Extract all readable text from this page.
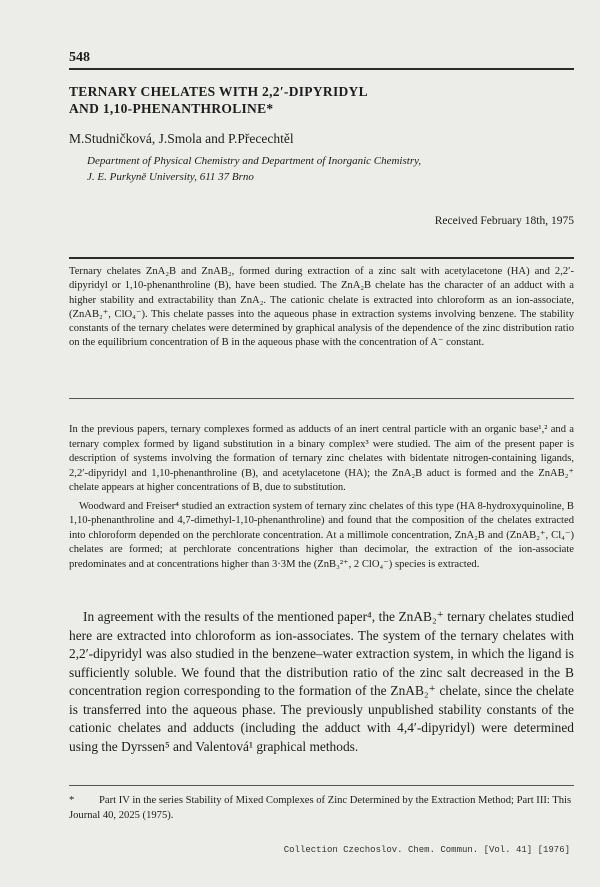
548
TERNARY CHELATES WITH 2,2′-DIPYRIDYL
AND 1,10-PHENANTHROLINE*
M.Studničková, J.Smola and P.Přecechtěl
Department of Physical Chemistry and Department of Inorganic Chemistry,
J. E. Purkyně University, 611 37 Brno
Received February 18th, 1975
Ternary chelates ZnA₂B and ZnAB₂, formed during extraction of a zinc salt with acetylacetone (HA) and 2,2′-dipyridyl or 1,10-phenanthroline (B), have been studied. The ZnA₂B chelate has the character of an adduct with a higher stability and extractability than ZnA₂. The cationic chelate is extracted into chloroform as an ion-associate, (ZnAB₂⁺, ClO₄⁻). This chelate passes into the aqueous phase in extraction systems involving benzene. The stability constants of the ternary chelates were determined by graphical analysis of the dependence of the zinc distribution ratio on the equilibrium concentration of B in the aqueous phase with the concentration of A⁻ constant.

In the previous papers, ternary complexes formed as adducts of an inert central particle with an organic base¹,² and a ternary complex formed by ligand substitution in a binary complex³ were studied. The aim of the present paper is description of systems involving the formation of ternary zinc chelates with bidentate nitrogen-containing ligands, 2,2′-dipyridyl and 1,10-phenanthroline (B), and acetylacetone (HA); the ZnA₂B aduct is formed and the ZnAB₂⁺ chelate appears at higher concentrations of B, due to substitution.

Woodward and Freiser⁴ studied an extraction system of ternary zinc chelates of this type (HA 8-hydroxyquinoline, B 1,10-phenanthroline and 4,7-dimethyl-1,10-phenanthroline) and found that the composition of the chelates extracted into chloroform depended on the perchlorate concentration. At a millimole concentration, ZnA₂B and (ZnAB₂⁺, Cl₄⁻) chelates are formed; at perchlorate concentrations higher than decimolar, the extraction of the ion-associate predominates and at concentrations higher than 3·3M the (ZnB₃²⁺, 2 ClO₄⁻) species is extracted.

In agreement with the results of the mentioned paper⁴, the ZnAB₂⁺ ternary chelates studied here are extracted into chloroform as ion-associates. The system of the ternary chelates with 2,2′-dipyridyl was also studied in the benzene–water extraction system, in which the ligand is sufficiently soluble. We found that the distribution ratio of the zinc salt decreased in the B concentration region corresponding to the formation of the ZnAB₂⁺ chelate, since the chelate is transferred into the aqueous phase. The previously unpublished stability constants of the cationic chelates and adducts (including the adduct with 4,4′-dipyridyl) were determined using the Dyrssen⁵ and Valentová¹ graphical methods.

* Part IV in the series Stability of Mixed Complexes of Zinc Determined by the Extraction Method; Part III: This Journal 40, 2025 (1975).
Collection Czechoslov. Chem. Commun. [Vol. 41] [1976]
